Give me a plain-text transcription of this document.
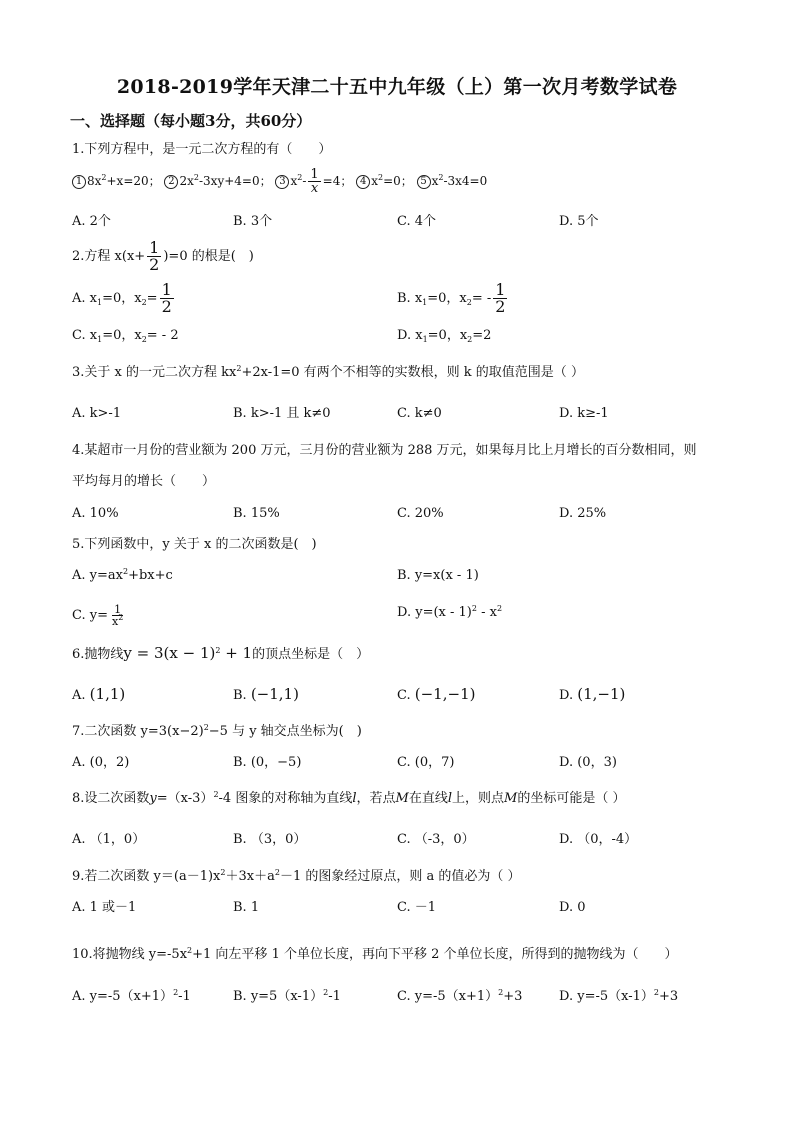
2018-2019学年天津二十五中九年级（上）第一次月考数学试卷
一、选择题（每小题3分，共60分）
1.下列方程中，是一元二次方程的有（　　）
1 $8x^2+x=20$； 2 $2x^2-3xy+4=0$； 3 $x^2- \frac{1}{x} =4$； 4 $x^2=0$； 5 $x^2-3x4=0$
A. 2个	B. 3个	C. 4个	D. 5个
2.方程 $x(x+ \frac{1}{2} )=0$ 的根是(　)
A. $x_1=0$，$x_2= \frac{1}{2}$	B. $x_1=0$，$x_2= - \frac{1}{2}$
C. $x_1=0$，$x_2= - 2$	D. $x_1=0$，$x_2=2$
3.关于 x 的一元二次方程 $kx^2+2x-1=0$ 有两个不相等的实数根，则 k 的取值范围是（ ）
A. k>-1	B. k>-1 且 k≠0	C. k≠0	D. k≥-1
4.某超市一月份的营业额为 200 万元，三月份的营业额为 288 万元，如果每月比上月增长的百分数相同，则
平均每月的增长（　　）
A. 10%	B. 15%	C. 20%	D. 25%
5.下列函数中，y 关于 x 的二次函数是(　)
A. $y=ax^2+bx+c$	B. y=x(x - 1)
C. $y= \frac{1}{x^2}$	D. $y=(x - 1)^2 - x^2$
6.抛物线$y = 3(x - 1)^2 + 1$的顶点坐标是（　）
A. (1,1)	B. (−1,1)	C. (−1,−1)	D. (1,−1)
7.二次函数 $y=3(x-2)^2-5$ 与 y 轴交点坐标为(　)
A. (0，2)	B. (0，−5)	C. (0，7)	D. (0，3)
8.设二次函数$y=(x-3)^2-4$ 图象的对称轴为直线l，若点M在直线l上，则点M的坐标可能是（ ）
A. （1，0）	B. （3，0）	C. （-3，0）	D. （0，-4）
9.若二次函数 $y=(a-1)x^2+3x+a^2-1$ 的图象经过原点，则 a 的值必为（ ）
A. 1 或－1	B. 1	C. －1	D. 0
10.将抛物线 $y=-5x^2+1$ 向左平移 1 个单位长度，再向下平移 2 个单位长度，所得到的抛物线为（　　）
A. $y=-5(x+1)^2-1$	B. $y=5(x-1)^2-1$	C. $y=-5(x+1)^2+3$	D. $y=-5(x-1)^2+3$
